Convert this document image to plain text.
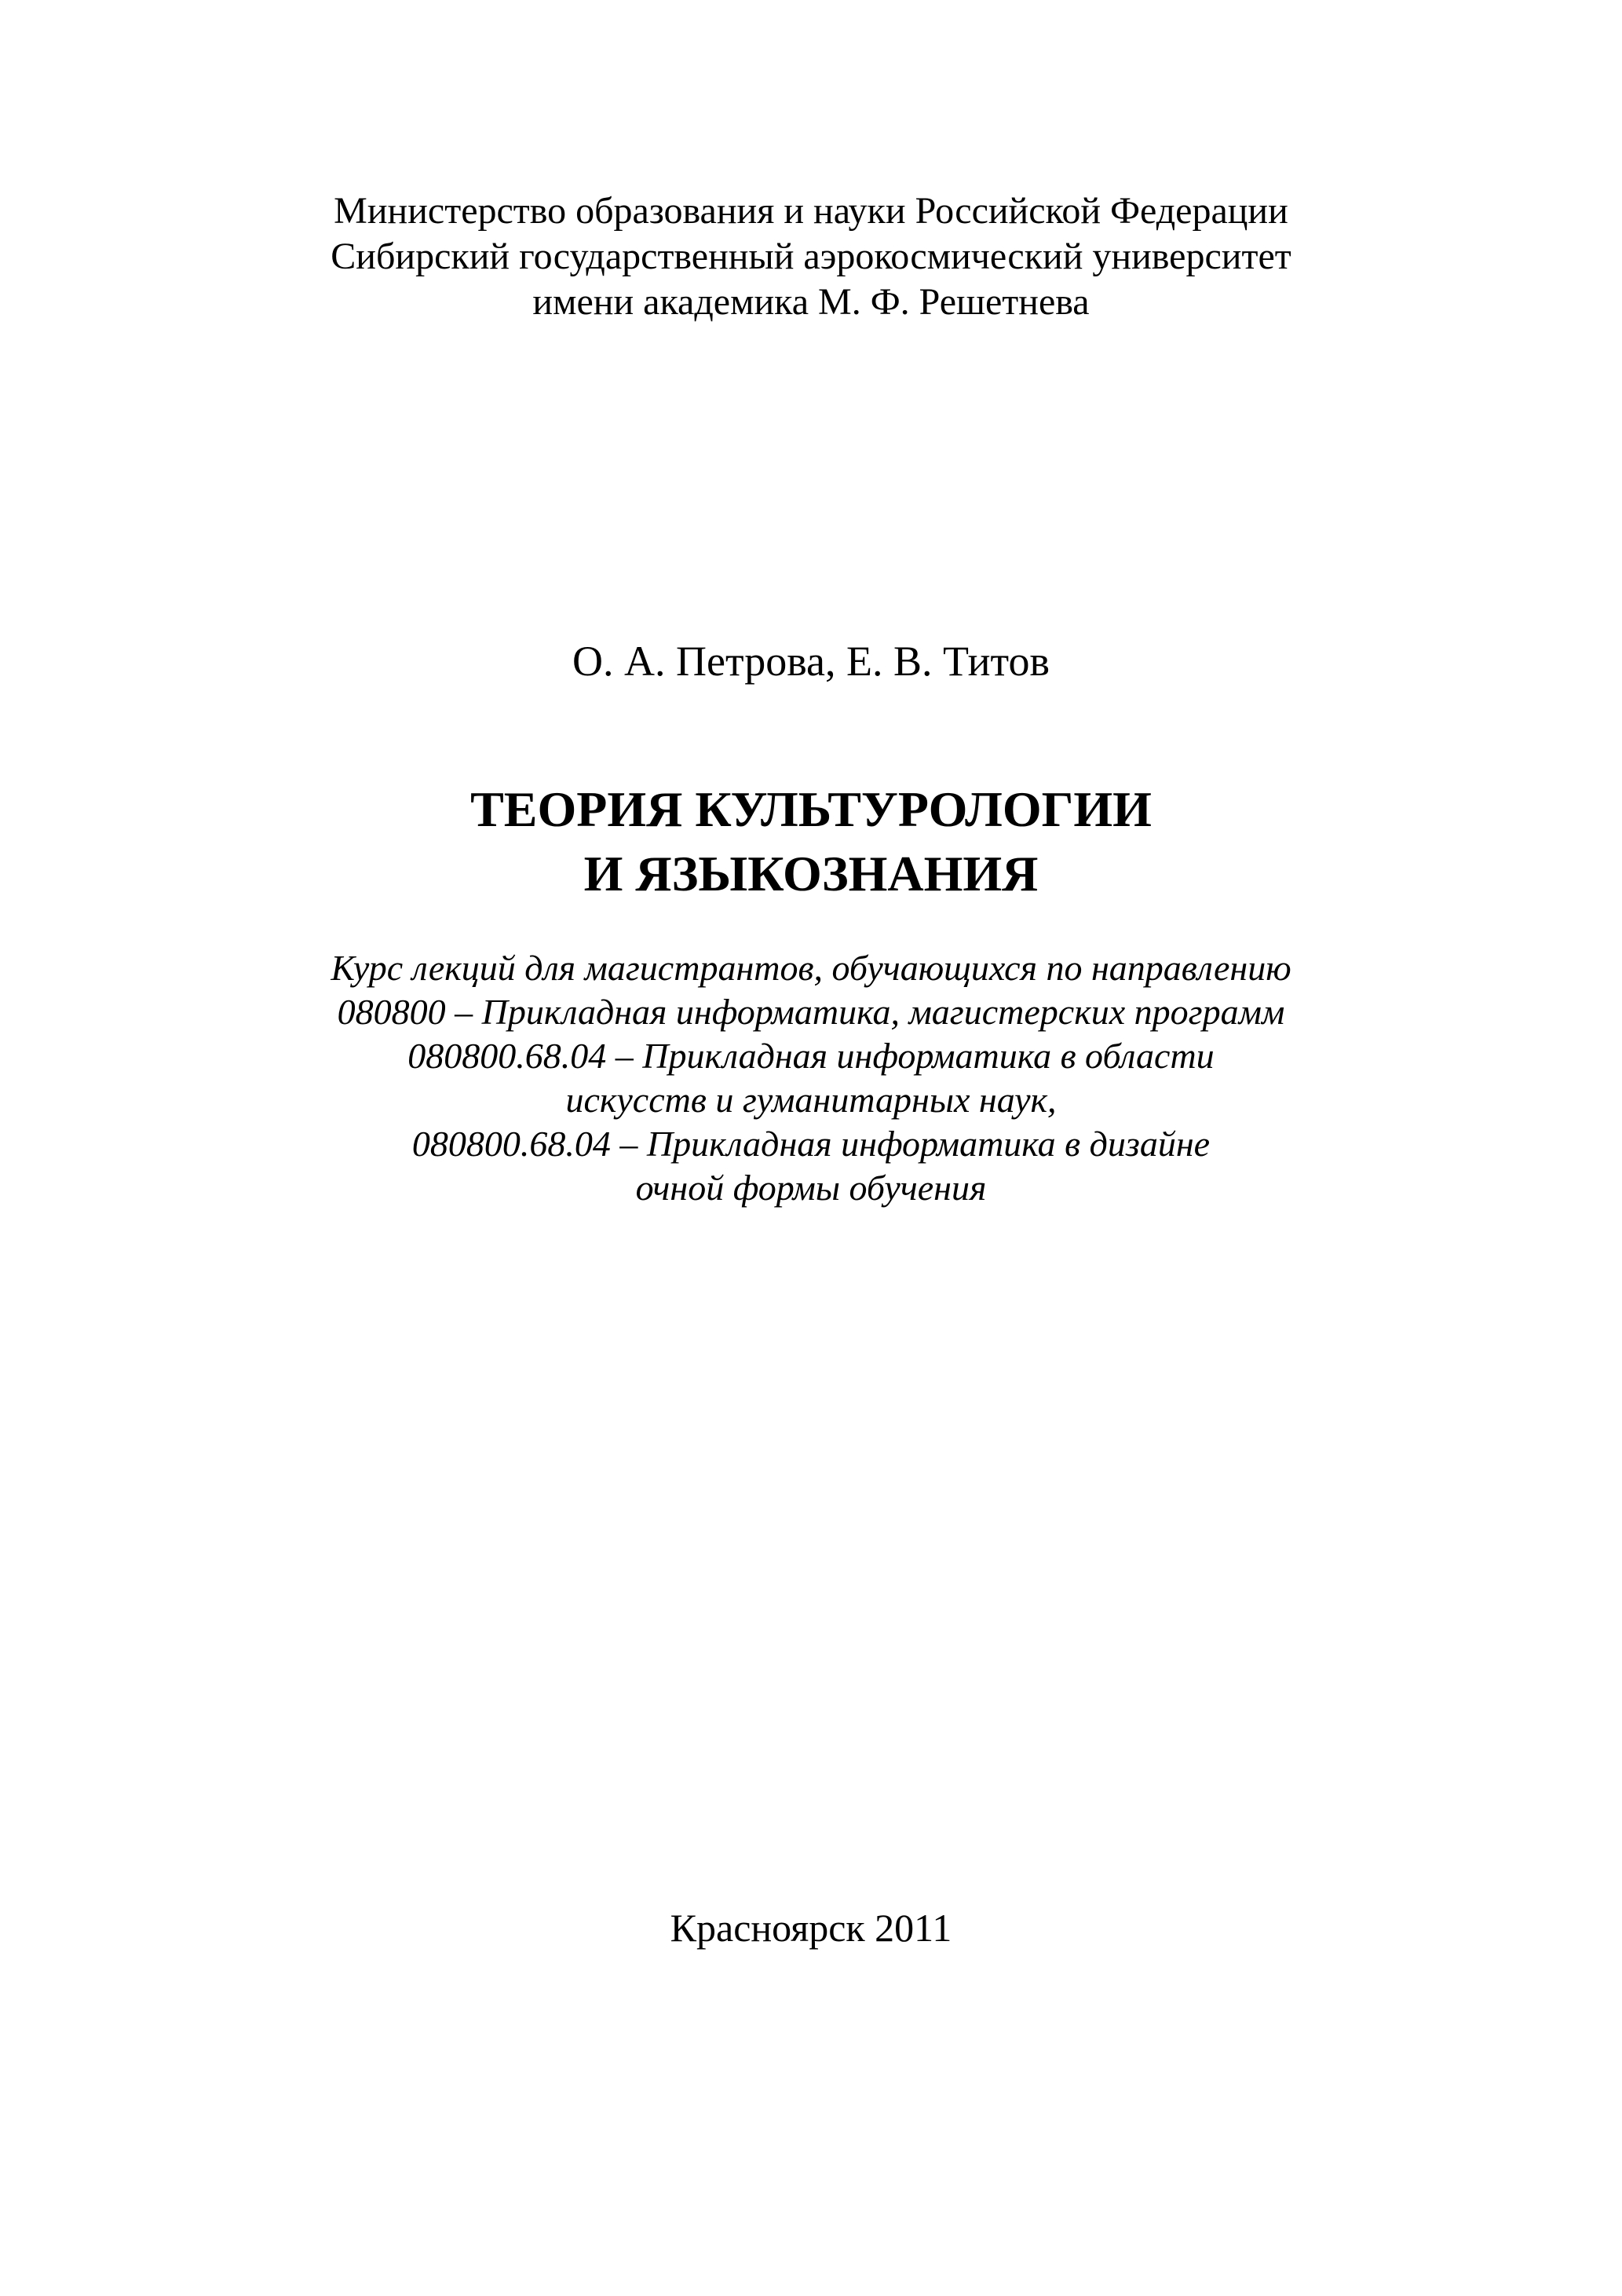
Министерство образования и науки Российской Федерации
Сибирский государственный аэрокосмический университет
имени академика М. Ф. Решетнева
О. А. Петрова, Е. В. Титов
ТЕОРИЯ КУЛЬТУРОЛОГИИ
И ЯЗЫКОЗНАНИЯ
Курс лекций для магистрантов, обучающихся по направлению
080800 – Прикладная информатика, магистерских программ
080800.68.04 – Прикладная информатика в области
искусств и гуманитарных наук,
080800.68.04 – Прикладная информатика в дизайне
очной формы обучения
Красноярск 2011
